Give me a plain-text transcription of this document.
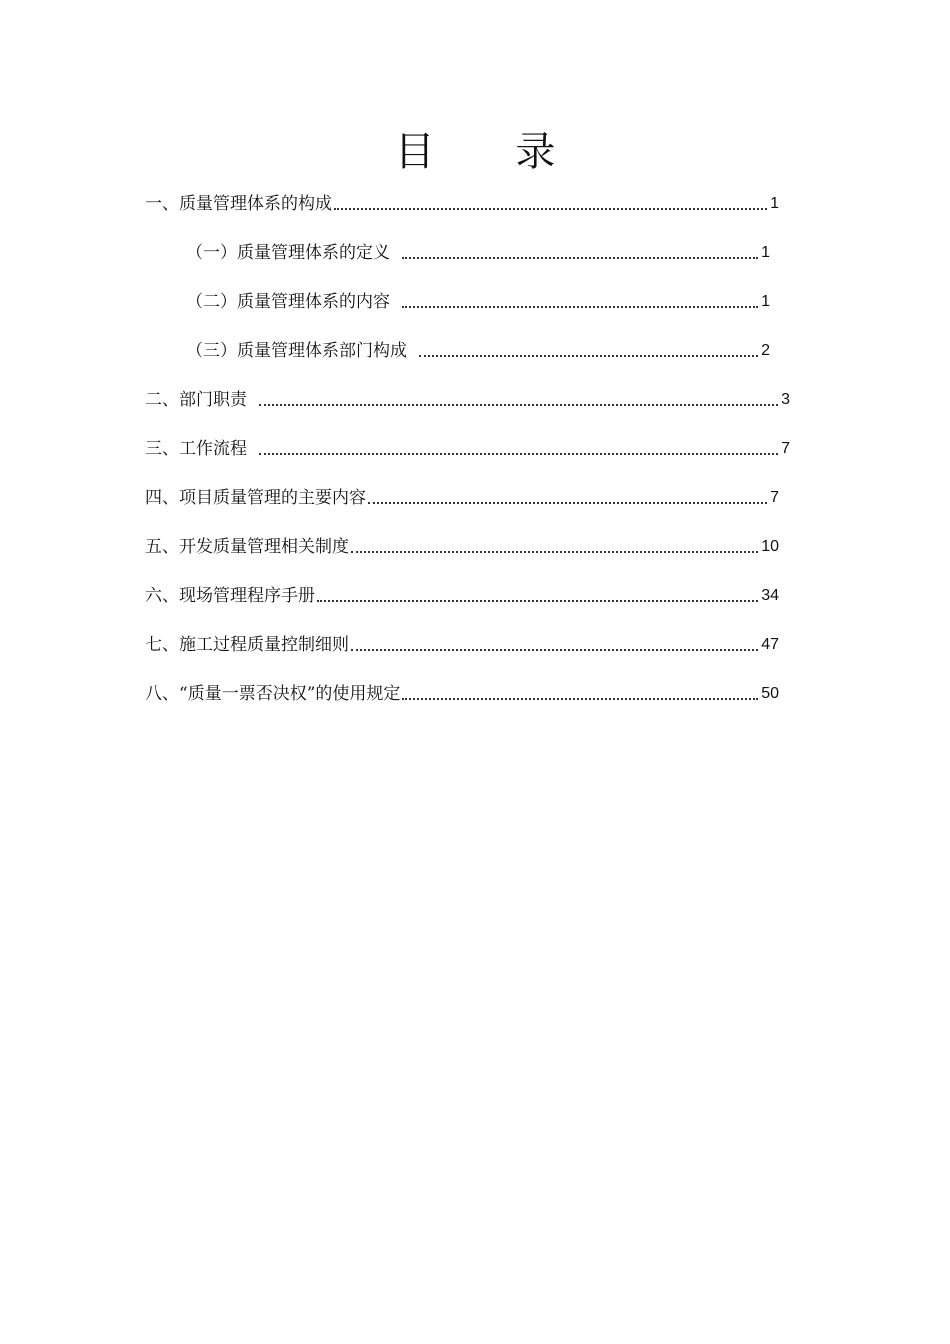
目 录
一、质量管理体系的构成	1
（一）质量管理体系的定义	1
（二）质量管理体系的内容	1
（三）质量管理体系部门构成	2
二、部门职责	3
三、工作流程	7
四、项目质量管理的主要内容	7
五、开发质量管理相关制度	10
六、现场管理程序手册	34
七、施工过程质量控制细则	47
八、“质量一票否决权”的使用规定	50
